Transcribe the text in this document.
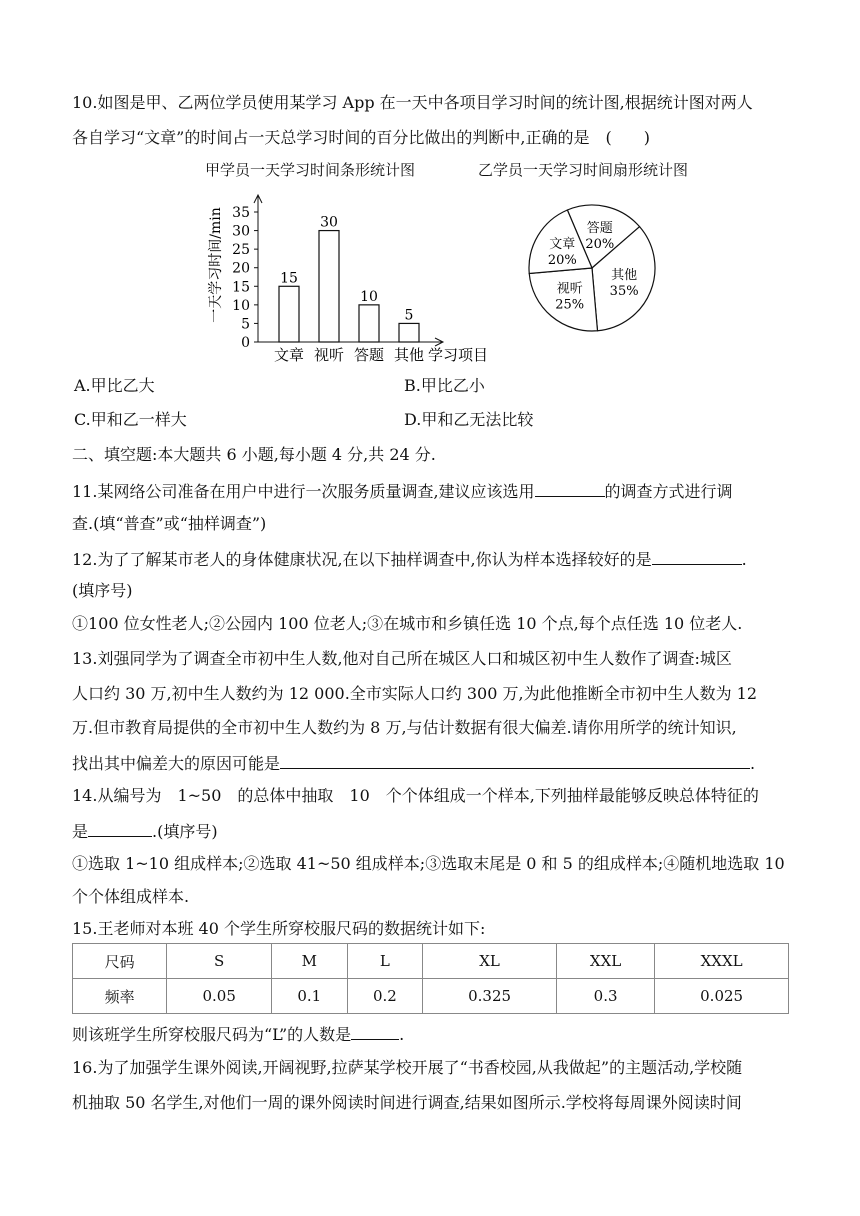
10.如图是甲、乙两位学员使用某学习 App 在一天中各项目学习时间的统计图,根据统计图对两人
各自学习“文章”的时间占一天总学习时间的百分比做出的判断中,正确的是　(　　)
甲学员一天学习时间条形统计图	乙学员一天学习时间扇形统计图
0
5
10
15
20
25
30
35
15
30
10
5
文章 视听 答题 其他 学习项目
一天学习时间/min	答题
20%
其他
35%
视听
25%
文章
20%
A.甲比乙大	B.甲比乙小
C.甲和乙一样大	D.甲和乙无法比较
二、填空题:本大题共 6 小题,每小题 4 分,共 24 分.
11.某网络公司准备在用户中进行一次服务质量调查,建议应该选用	的调查方式进行调
查.(填“普查”或“抽样调查”)
12.为了了解某市老人的身体健康状况,在以下抽样调查中,你认为样本选择较好的是	.
(填序号)
①100 位女性老人;②公园内 100 位老人;③在城市和乡镇任选 10 个点,每个点任选 10 位老人.
13.刘强同学为了调查全市初中生人数,他对自己所在城区人口和城区初中生人数作了调查:城区
人口约 30 万,初中生人数约为 12 000.全市实际人口约 300 万,为此他推断全市初中生人数为 12
万.但市教育局提供的全市初中生人数约为 8 万,与估计数据有很大偏差.请你用所学的统计知识,
找出其中偏差大的原因可能是	.
14.从编号为　1~50　的总体中抽取　10　个个体组成一个样本,下列抽样最能够反映总体特征的
是	.(填序号)
①选取 1~10 组成样本;②选取 41~50 组成样本;③选取末尾是 0 和 5 的组成样本;④随机地选取 10
个个体组成样本.
15.王老师对本班 40 个学生所穿校服尺码的数据统计如下:
尺码	S	M	L	XL	XXL	XXXL
频率	0.05	0.1	0.2	0.325	0.3	0.025
则该班学生所穿校服尺码为“L”的人数是	.
16.为了加强学生课外阅读,开阔视野,拉萨某学校开展了“书香校园,从我做起”的主题活动,学校随
机抽取 50 名学生,对他们一周的课外阅读时间进行调查,结果如图所示.学校将每周课外阅读时间
